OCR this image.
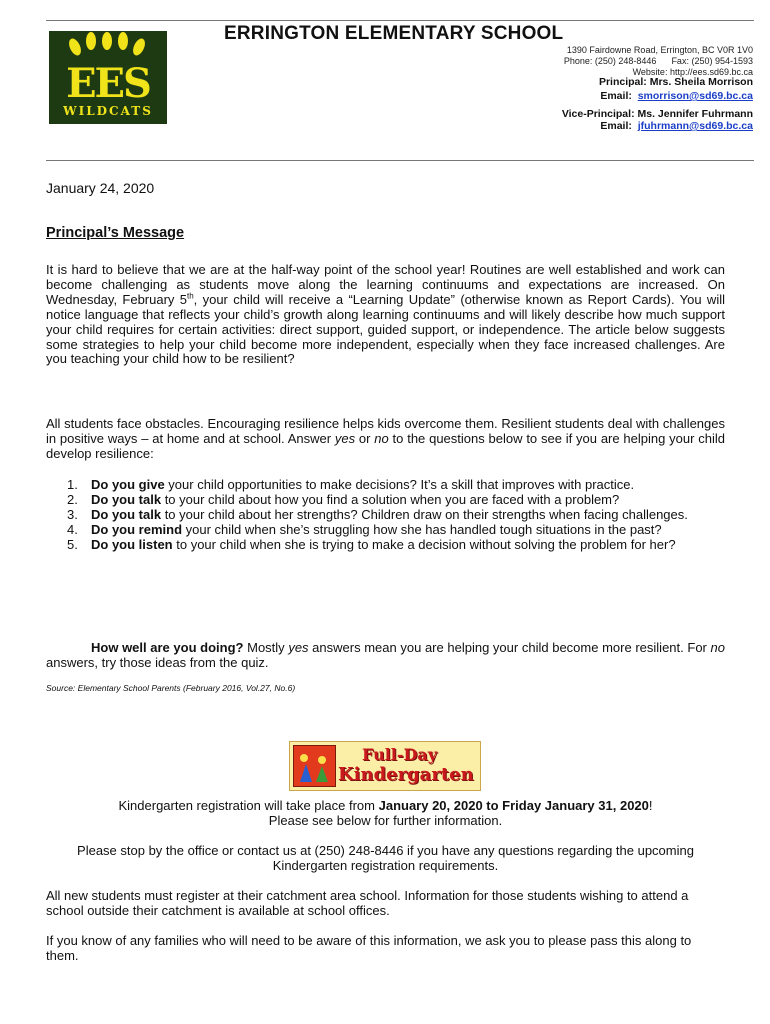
EES
WILDCATS
ERRINGTON ELEMENTARY SCHOOL
1390 Fairdowne Road, Errington, BC V0R 1V0
Phone: (250) 248-8446 Fax: (250) 954-1593
Website: http://ees.sd69.bc.ca
Principal: Mrs. Sheila Morrison
Email: smorrison@sd69.bc.ca
Vice-Principal: Ms. Jennifer Fuhrmann
Email: jfuhrmann@sd69.bc.ca
January 24, 2020
Principal’s Message
It is hard to believe that we are at the half-way point of the school year! Routines are well established and work can become challenging as students move along the learning continuums and expectations are increased. On Wednesday, February 5th, your child will receive a “Learning Update” (otherwise known as Report Cards). You will notice language that reflects your child’s growth along learning continuums and will likely describe how much support your child requires for certain activities: direct support, guided support, or independence. The article below suggests some strategies to help your child become more independent, especially when they face increased challenges. Are you teaching your child how to be resilient?
All students face obstacles. Encouraging resilience helps kids overcome them. Resilient students deal with challenges in positive ways – at home and at school. Answer yes or no to the questions below to see if you are helping your child develop resilience:
1. Do you give your child opportunities to make decisions? It’s a skill that improves with practice.
2. Do you talk to your child about how you find a solution when you are faced with a problem?
3. Do you talk to your child about her strengths? Children draw on their strengths when facing challenges.
4. Do you remind your child when she’s struggling how she has handled tough situations in the past?
5. Do you listen to your child when she is trying to make a decision without solving the problem for her?
How well are you doing? Mostly yes answers mean you are helping your child become more resilient. For no answers, try those ideas from the quiz.
Source: Elementary School Parents (February 2016, Vol.27, No.6)
Full-Day
Kindergarten
Kindergarten registration will take place from January 20, 2020 to Friday January 31, 2020!
Please see below for further information.
Please stop by the office or contact us at (250) 248-8446 if you have any questions regarding the upcoming Kindergarten registration requirements.
All new students must register at their catchment area school. Information for those students wishing to attend a school outside their catchment is available at school offices.
If you know of any families who will need to be aware of this information, we ask you to please pass this along to them.
